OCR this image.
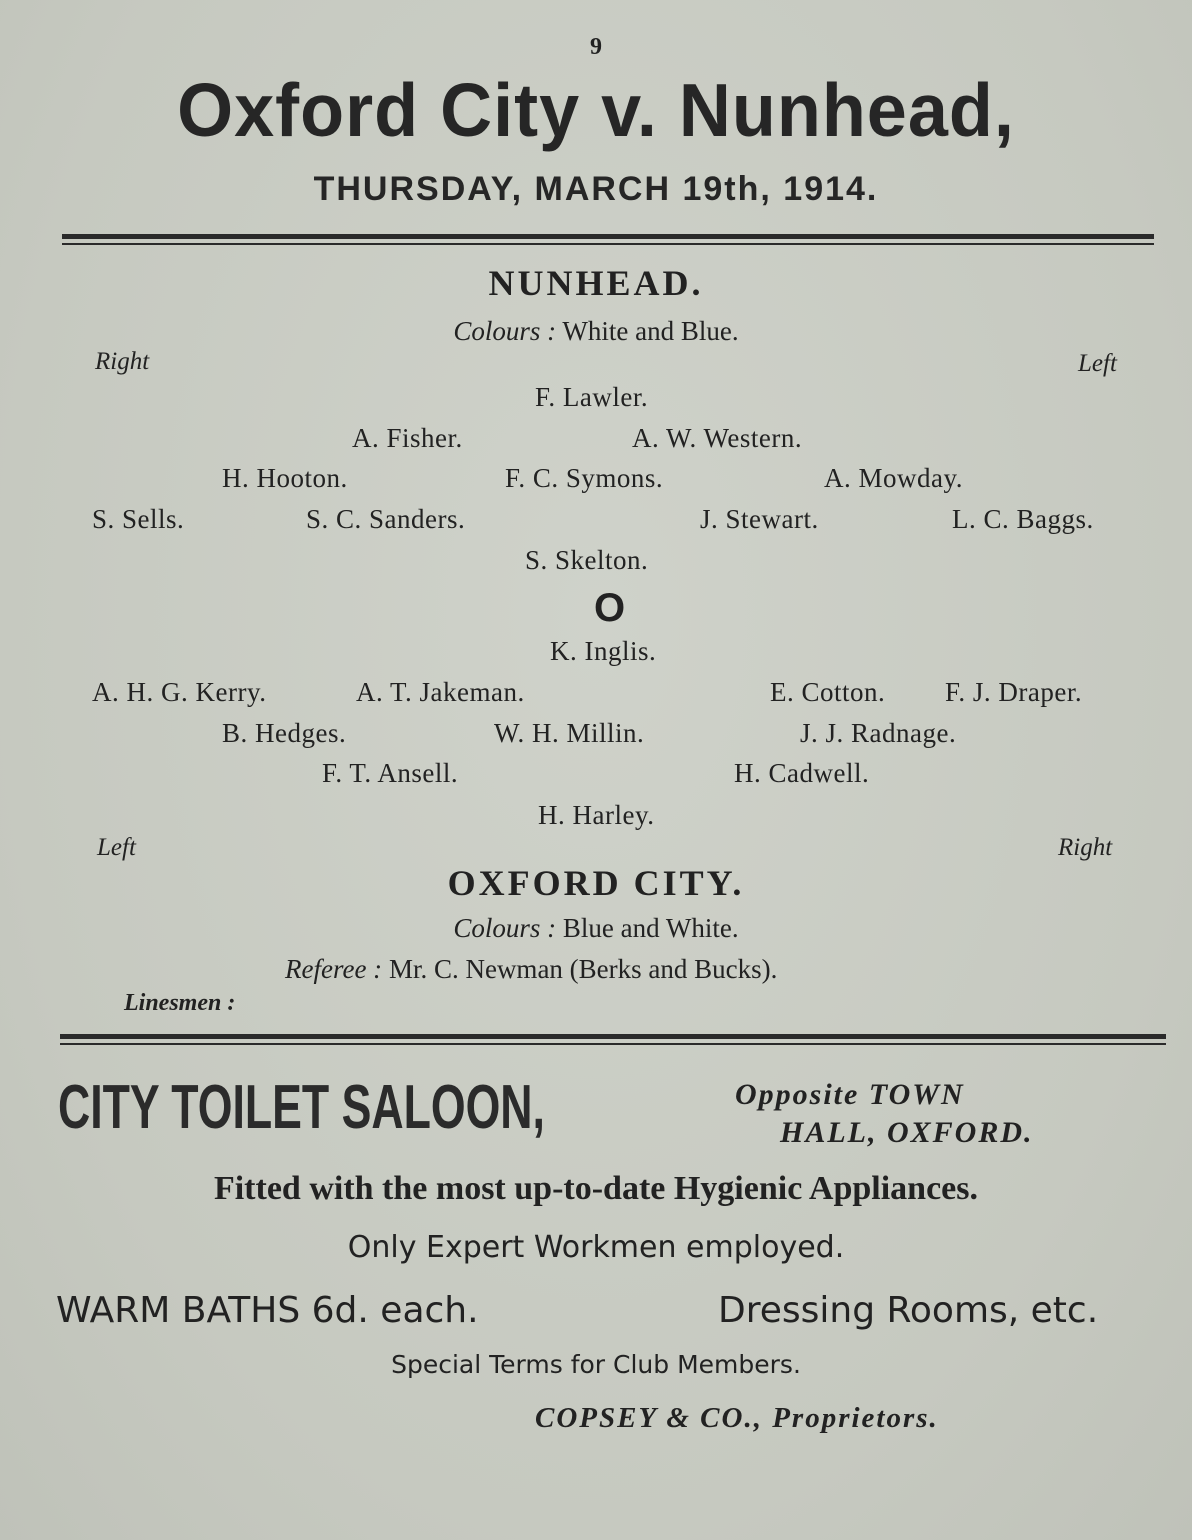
9
Oxford City v. Nunhead,
THURSDAY, MARCH 19th, 1914.
NUNHEAD.
Colours : White and Blue.
Right	Left
F. Lawler.
A. Fisher.	A. W. Western.
H. Hooton.	F. C. Symons.	A. Mowday.
S. Sells.	S. C. Sanders.	J. Stewart.	L. C. Baggs.
S. Skelton.
O
K. Inglis.
A. H. G. Kerry.	A. T. Jakeman.	E. Cotton. F. J. Draper.
B. Hedges.	W. H. Millin.	J. J. Radnage.
F. T. Ansell.	H. Cadwell.
H. Harley.
Left	Right
OXFORD CITY.
Colours : Blue and White.
Referee : Mr. C. Newman (Berks and Bucks).
Linesmen :
CITY TOILET SALOON,	Opposite TOWN
HALL, OXFORD.
Fitted with the most up-to-date Hygienic Appliances.
Only Expert Workmen employed.
WARM BATHS 6d. each.	Dressing Rooms, etc.
Special Terms for Club Members.
COPSEY & CO., Proprietors.
